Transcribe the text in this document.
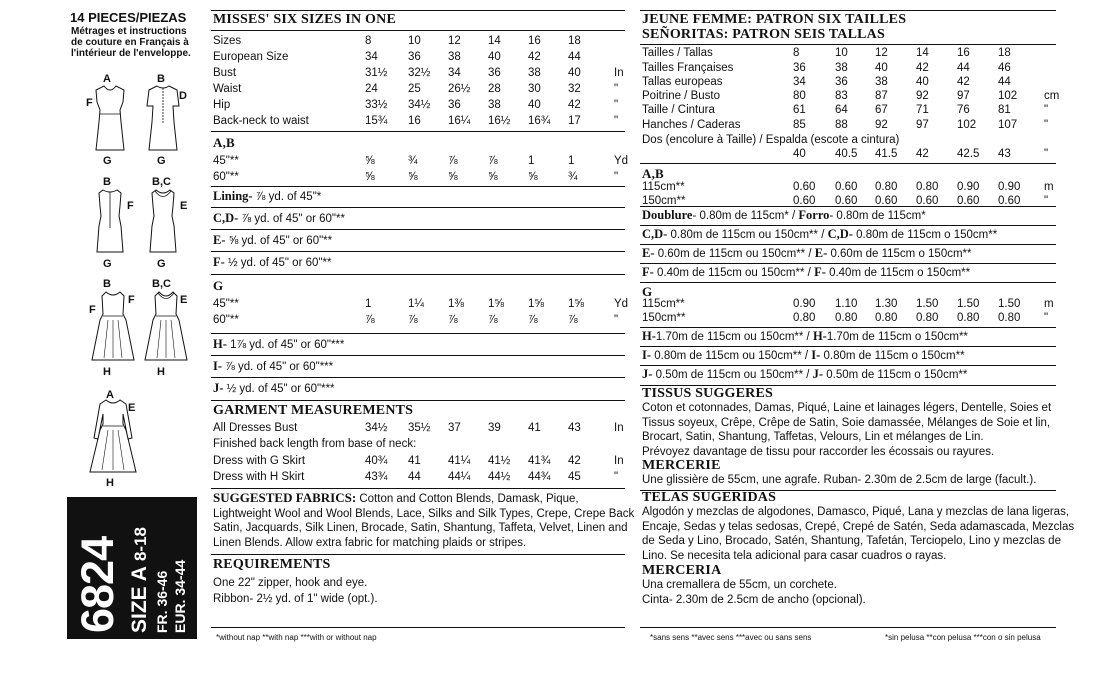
14 PIECES/PIEZAS
Métrages et instructions
de couture en Français à
l'intérieur de l'enveloppe.
A	B
F
D
G	G
B	B,C
F	E
G	G
B	B,C
F	E
F
H	H
A
E
H
6824 SIZE A 8-18
FR. 36-46 EUR. 34-44
MISSES' SIX SIZES IN ONE
Sizes	8	10 12 14 16 18
European Size	34	36 38 40 42 44
Bust	31½ 32½ 34 36 38 40	In
Waist	24	25 26½ 28 30 32	"
Hip	33½ 34½ 36 38 40 42	"
Back-neck to waist	15¾ 16 16¼ 16½ 16¾ 17	"
A,B
45"**	⅝	¾	⅞	⅞	1	1	Yd
60"**	⅝	⅝	⅝	⅝	⅝	¾	"
Lining- ⅞ yd. of 45"*
C,D- ⅞ yd. of 45" or 60"**
E- ⅝ yd. of 45" or 60"**
F- ½ yd. of 45" or 60"**
G
45"**	1	1¼ 1⅜ 1⅝ 1⅝ 1⅝	Yd
60"**	⅞	⅞	⅞	⅞	⅞	⅞	"
H- 1⅞ yd. of 45" or 60"***
I- ⅞ yd. of 45" or 60"***
J- ½ yd. of 45" or 60"***
GARMENT MEASUREMENTS
All Dresses Bust	34½ 35½ 37 39 41 43	In
Dress with G Skirt	40¾ 41 41¼ 41½ 41¾ 42	In
Dress with H Skirt	43¾ 44 44¼ 44½ 44¾ 45	"
Finished back length from base of neck:
SUGGESTED FABRICS: Cotton and Cotton Blends, Damask, Pique,
Lightweight Wool and Wool Blends, Lace, Silks and Silk Types, Crepe, Crepe Back
Satin, Jacquards, Silk Linen, Brocade, Satin, Shantung, Taffeta, Velvet, Linen and
Linen Blends. Allow extra fabric for matching plaids or stripes.
REQUIREMENTS
One 22" zipper, hook and eye.
Ribbon- 2½ yd. of 1" wide (opt.).
*without nap **with nap ***with or without nap
JEUNE FEMME: PATRON SIX TAILLES
SEÑORITAS: PATRON SEIS TALLAS
Tailles / Tallas	8	10 12 14 16 18
Tailles Françaises	36	38 40 42 44 46
Tallas europeas	34	36 38 40 42 44
Poitrine / Busto	80	83 87 92 97 102 cm
Taille / Cintura	61	64 67 71 76 81	"
Hanches / Caderas	85	88 92 97 102 107 "
Dos (encolure à Taille) / Espalda (escote a cintura)
40	40.5 41.5 42 42.5 43	"
A,B
115cm**	0.60 0.60 0.80 0.80 0.90 0.90 m
150cm**	0.60 0.60 0.60 0.60 0.60 0.60 "
Doublure- 0.80m de 115cm* / Forro- 0.80m de 115cm*
C,D- 0.80m de 115cm ou 150cm** / C,D- 0.80m de 115cm o 150cm**
E- 0.60m de 115cm ou 150cm** / E- 0.60m de 115cm o 150cm**
F- 0.40m de 115cm ou 150cm** / F- 0.40m de 115cm o 150cm**
G
115cm**	0.90 1.10 1.30 1.50 1.50 1.50 m
150cm**	0.80 0.80 0.80 0.80 0.80 0.80 "
H-1.70m de 115cm ou 150cm** / H-1.70m de 115cm o 150cm**
I- 0.80m de 115cm ou 150cm** / I- 0.80m de 115cm o 150cm**
J- 0.50m de 115cm ou 150cm** / J- 0.50m de 115cm o 150cm**
TISSUS SUGGERES
Coton et cotonnades, Damas, Piqué, Laine et lainages légers, Dentelle, Soies et
Tissus soyeux, Crêpe, Crêpe de Satin, Soie damassée, Mélanges de Soie et lin,
Brocart, Satin, Shantung, Taffetas, Velours, Lin et mélanges de Lin.
Prévoyez davantage de tissu pour raccorder les écossais ou rayures.
MERCERIE
Une glissière de 55cm, une agrafe. Ruban- 2.30m de 2.5cm de large (facult.).
TELAS SUGERIDAS
Algodón y mezclas de algodones, Damasco, Piqué, Lana y mezclas de lana ligeras,
Encaje, Sedas y telas sedosas, Crepé, Crepé de Satén, Seda adamascada, Mezclas
de Seda y Lino, Brocado, Satén, Shantung, Tafetán, Terciopelo, Lino y mezclas de
Lino. Se necesita tela adicional para casar cuadros o rayas.
MERCERIA
Una cremallera de 55cm, un corchete.
Cinta- 2.30m de 2.5cm de ancho (opcional).
*sans sens **avec sens ***avec ou sans sens	*sin pelusa **con pelusa ***con o sin pelusa
